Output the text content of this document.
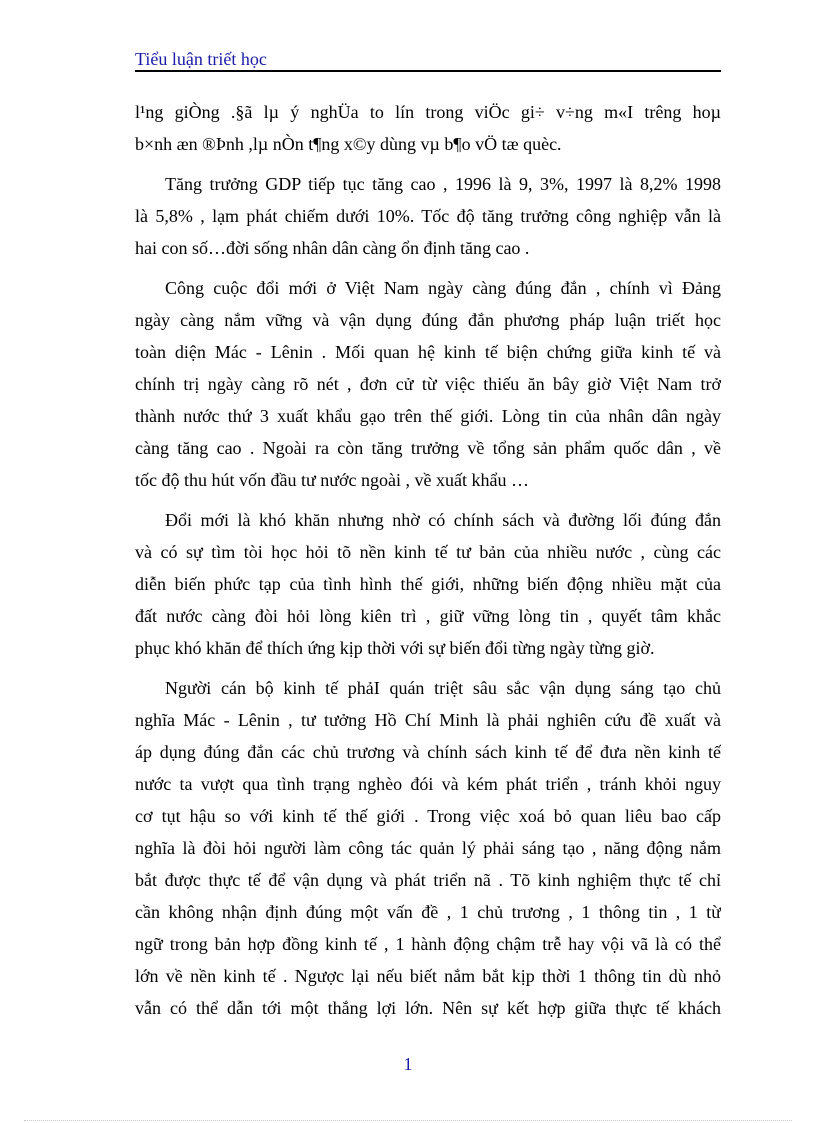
Tiểu luận triết học
l¹ng giÒng .§ã lµ ý nghÜa to lín trong viÖc gi÷ v÷ng m«I trêng hoµ
b×nh æn ®Þnh ,lµ nÒn t¶ng x©y dùng vµ b¶o vÖ tæ quèc.
Tăng trưởng GDP tiếp tục tăng cao , 1996 là 9, 3%, 1997 là 8,2% 1998
là 5,8% , lạm phát chiếm dưới 10%. Tốc độ tăng trưởng công nghiệp vẫn là
hai con số…đời sống nhân dân càng ổn định tăng cao .
Công cuộc đổi mới ở Việt Nam ngày càng đúng đắn , chính vì Đảng
ngày càng nắm vững và vận dụng đúng đắn phương pháp luận triết học
toàn diện Mác - Lênin . Mối quan hệ kinh tế biện chứng giữa kinh tế và
chính trị ngày càng rõ nét , đơn cử từ việc thiếu ăn bây giờ Việt Nam trở
thành nước thứ 3 xuất khẩu gạo trên thế giới. Lòng tin của nhân dân ngày
càng tăng cao . Ngoài ra còn tăng trưởng về tổng sản phẩm quốc dân , về
tốc độ thu hút vốn đầu tư nước ngoài , về xuất khẩu …
Đổi mới là khó khăn nhưng nhờ có chính sách và đường lối đúng đắn
và có sự tìm tòi học hỏi tõ nền kinh tế tư bản của nhiều nước , cùng các
diễn biến phức tạp của tình hình thế giới, những biến động nhiều mặt của
đất nước càng đòi hỏi lòng kiên trì , giữ vững lòng tin , quyết tâm khắc
phục khó khăn để thích ứng kịp thời với sự biến đổi từng ngày từng giờ.
Người cán bộ kinh tế phảI quán triệt sâu sắc vận dụng sáng tạo chủ
nghĩa Mác - Lênin , tư tưởng Hồ Chí Minh là phải nghiên cứu đề xuất và
áp dụng đúng đắn các chủ trương và chính sách kinh tế để đưa nền kinh tế
nước ta vượt qua tình trạng nghèo đói và kém phát triển , tránh khỏi nguy
cơ tụt hậu so với kinh tế thế giới . Trong việc xoá bỏ quan liêu bao cấp
nghĩa là đòi hỏi người làm công tác quản lý phải sáng tạo , năng động nắm
bắt được thực tế để vận dụng và phát triển nã . Tõ kinh nghiệm thực tế chỉ
cần không nhận định đúng một vấn đề , 1 chủ trương , 1 thông tin , 1 từ
ngữ trong bản hợp đồng kinh tế , 1 hành động chậm trễ hay vội vã là có thể
lớn về nền kinh tế . Ngược lại nếu biết nắm bắt kịp thời 1 thông tin dù nhỏ
vẫn có thể dẫn tới một thắng lợi lớn. Nên sự kết hợp giữa thực tế khách
1
